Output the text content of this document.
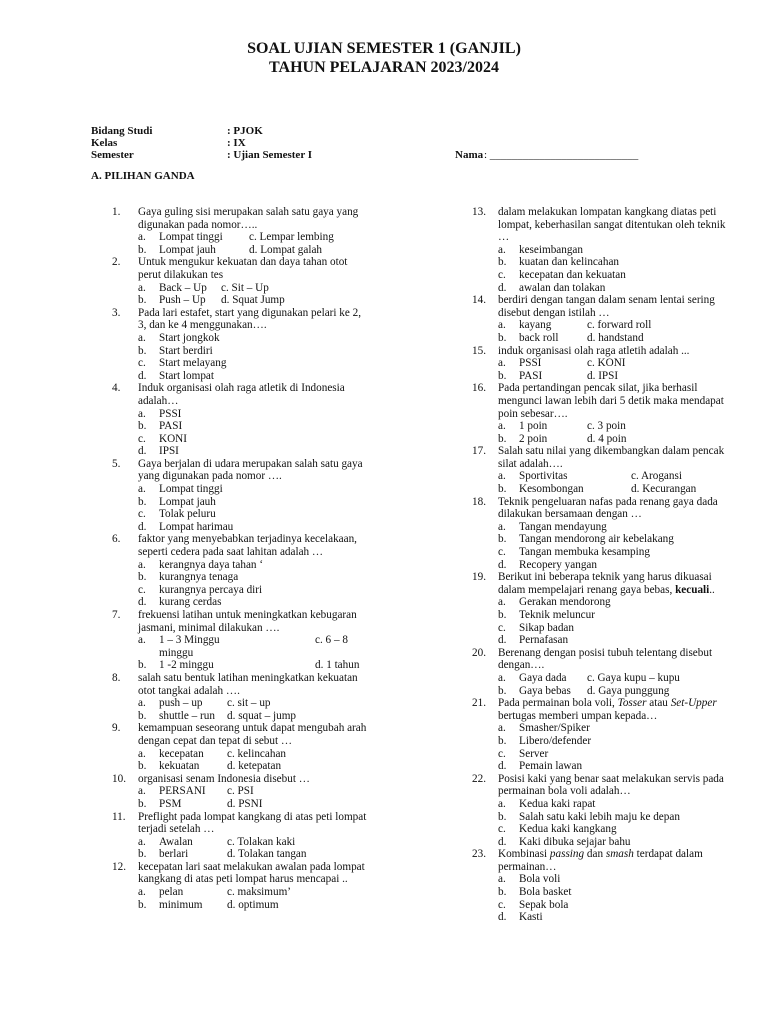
SOAL UJIAN SEMESTER 1 (GANJIL)
TAHUN PELAJARAN 2023/2024
Bidang Studi	: PJOK
Kelas	: IX
Semester	: Ujian Semester I	Nama : ___________________________
A. PILIHAN GANDA
1.	Gaya guling sisi merupakan salah satu gaya yang digunakan pada nomor…..
a.	Lompat tinggi	c. Lempar lembing
b.	Lompat jauh	d. Lompat galah
2.	Untuk mengukur kekuatan dan daya tahan otot perut dilakukan tes
a.	Back – Up	c. Sit – Up
b.	Push – Up	d. Squat Jump
3.	Pada lari estafet, start yang digunakan pelari ke 2, 3, dan ke 4 menggunakan….
a.	Start jongkok
b.	Start berdiri
c.	Start melayang
d.	Start lompat
4.	Induk organisasi olah raga atletik di Indonesia adalah…
a.	PSSI
b.	PASI
c.	KONI
d.	IPSI
5.	Gaya berjalan di udara merupakan salah satu gaya yang digunakan pada nomor ….
a.	Lompat tinggi
b.	Lompat jauh
c.	Tolak peluru
d.	Lompat harimau
6.	faktor yang menyebabkan terjadinya kecelakaan, seperti cedera pada saat lahitan adalah …
a.	kerangnya daya tahan ‘
b.	kurangnya tenaga
c.	kurangnya percaya diri
d.	kurang cerdas
7.	frekuensi latihan untuk meningkatkan kebugaran jasmani, minimal dilakukan ….
a.	1 – 3 Minggu	c. 6 – 8
minggu
b.	1 -2 minggu	d. 1 tahun
8.	salah satu bentuk latihan meningkatkan kekuatan otot tangkai adalah ….
a.	push – up	c. sit – up
b.	shuttle – run	d. squat – jump
9.	kemampuan seseorang untuk dapat mengubah arah dengan cepat dan tepat di sebut …
a.	kecepatan	c. kelincahan
b.	kekuatan	d. ketepatan
10.	organisasi senam Indonesia disebut …
a.	PERSANI	c. PSI
b.	PSM	d. PSNI
11.	Preflight pada lompat kangkang di atas peti lompat terjadi setelah …
a.	Awalan	c. Tolakan kaki
b.	berlari	d. Tolakan tangan
12.	kecepatan lari saat melakukan awalan pada lompat kangkang di atas peti lompat harus mencapai ..
a.	pelan	c. maksimum’
b.	minimum	d. optimum
13.	dalam melakukan lompatan kangkang diatas peti lompat, keberhasilan sangat ditentukan oleh teknik …
a.	keseimbangan
b.	kuatan dan kelincahan
c.	kecepatan dan kekuatan
d.	awalan dan tolakan
14.	berdiri dengan tangan dalam senam lentai sering disebut dengan istilah …
a.	kayang	c. forward roll
b.	back roll	d. handstand
15.	induk organisasi olah raga atletih adalah ...
a.	PSSI	c. KONI
b.	PASI	d. IPSI
16.	Pada pertandingan pencak silat, jika berhasil mengunci lawan lebih dari 5 detik maka mendapat poin sebesar….
a.	1 poin	c. 3 poin
b.	2 poin	d. 4 poin
17.	Salah satu nilai yang dikembangkan dalam pencak silat adalah….
a.	Sportivitas	c. Arogansi
b.	Kesombongan	d. Kecurangan
18.	Teknik pengeluaran nafas pada renang gaya dada dilakukan bersamaan dengan …
a.	Tangan mendayung
b.	Tangan mendorong air kebelakang
c.	Tangan membuka kesamping
d.	Recopery yangan
19.	Berikut ini beberapa teknik yang harus dikuasai dalam mempelajari renang gaya bebas, kecuali..
a.	Gerakan mendorong
b.	Teknik meluncur
c.	Sikap badan
d.	Pernafasan
20.	Berenang dengan posisi tubuh telentang disebut dengan….
a.	Gaya dada	c. Gaya kupu – kupu
b.	Gaya bebas	d. Gaya punggung
21.	Pada permainan bola voli, Tosser atau Set-Upper bertugas memberi umpan kepada…
a.	Smasher/Spiker
b.	Libero/defender
c.	Server
d.	Pemain lawan
22.	Posisi kaki yang benar saat melakukan servis pada permainan bola voli adalah…
a.	Kedua kaki rapat
b.	Salah satu kaki lebih maju ke depan
c.	Kedua kaki kangkang
d.	Kaki dibuka sejajar bahu
23.	Kombinasi passing dan smash terdapat dalam permainan…
a.	Bola voli
b.	Bola basket
c.	Sepak bola
d.	Kasti
